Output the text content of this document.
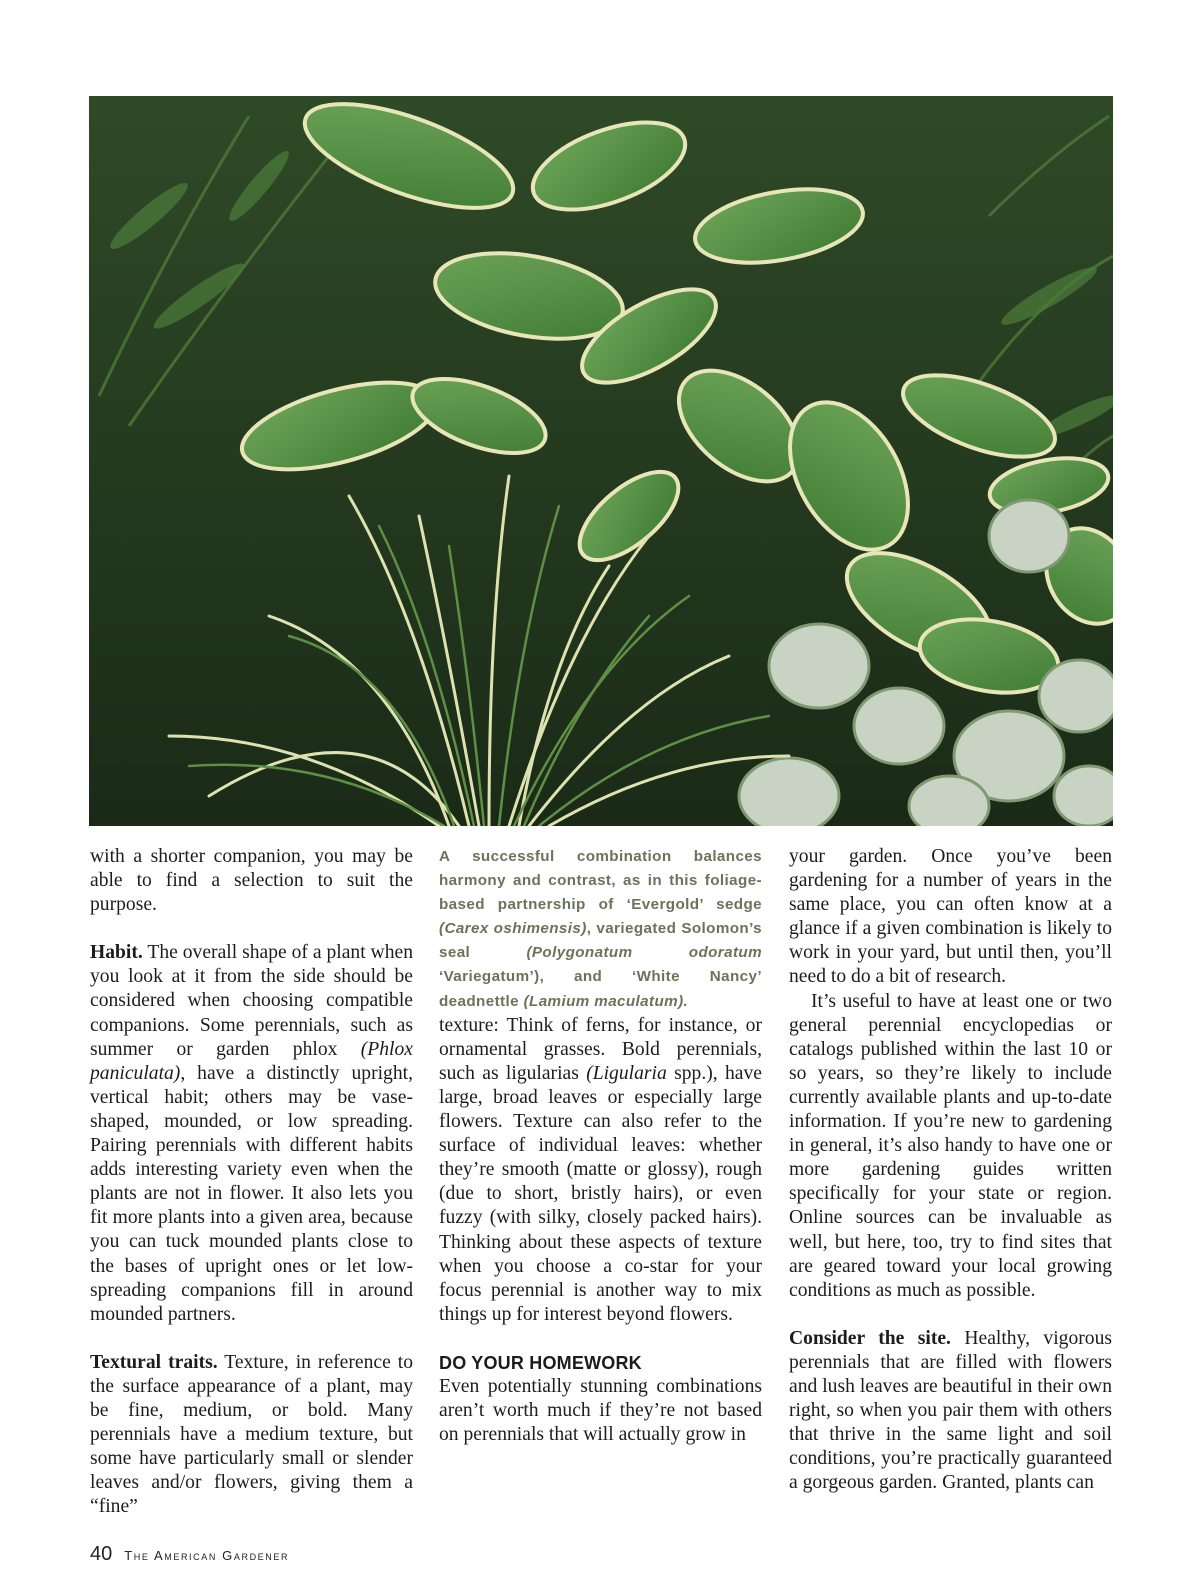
with a shorter companion, you may be able to find a selection to suit the purpose.

Habit. The overall shape of a plant when you look at it from the side should be considered when choosing compatible companions. Some perennials, such as summer or garden phlox (Phlox paniculata), have a distinctly upright, vertical habit; others may be vase-shaped, mounded, or low spreading. Pairing perennials with different habits adds interesting variety even when the plants are not in flower. It also lets you fit more plants into a given area, because you can tuck mounded plants close to the bases of upright ones or let low-spreading companions fill in around mounded partners.

Textural traits. Texture, in reference to the surface appearance of a plant, may be fine, medium, or bold. Many perennials have a medium texture, but some have particularly small or slender leaves and/or flowers, giving them a “fine”

A successful combination balances harmony and contrast, as in this foliage-based partnership of ‘Evergold’ sedge (Carex oshimensis), variegated Solomon’s seal (Polygonatum odoratum ‘Variegatum’), and ‘White Nancy’ deadnettle (Lamium maculatum).

texture: Think of ferns, for instance, or ornamental grasses. Bold perennials, such as ligularias (Ligularia spp.), have large, broad leaves or especially large flowers. Texture can also refer to the surface of individual leaves: whether they’re smooth (matte or glossy), rough (due to short, bristly hairs), or even fuzzy (with silky, closely packed hairs). Thinking about these aspects of texture when you choose a co-star for your focus perennial is another way to mix things up for interest beyond flowers.

DO YOUR HOMEWORK

Even potentially stunning combinations aren’t worth much if they’re not based on perennials that will actually grow in

your garden. Once you’ve been gardening for a number of years in the same place, you can often know at a glance if a given combination is likely to work in your yard, but until then, you’ll need to do a bit of research.

It’s useful to have at least one or two general perennial encyclopedias or catalogs published within the last 10 or so years, so they’re likely to include currently available plants and up-to-date information. If you’re new to gardening in general, it’s also handy to have one or more gardening guides written specifically for your state or region. Online sources can be invaluable as well, but here, too, try to find sites that are geared toward your local growing conditions as much as possible.

Consider the site. Healthy, vigorous perennials that are filled with flowers and lush leaves are beautiful in their own right, so when you pair them with others that thrive in the same light and soil conditions, you’re practically guaranteed a gorgeous garden. Granted, plants can

40 The American Gardener
